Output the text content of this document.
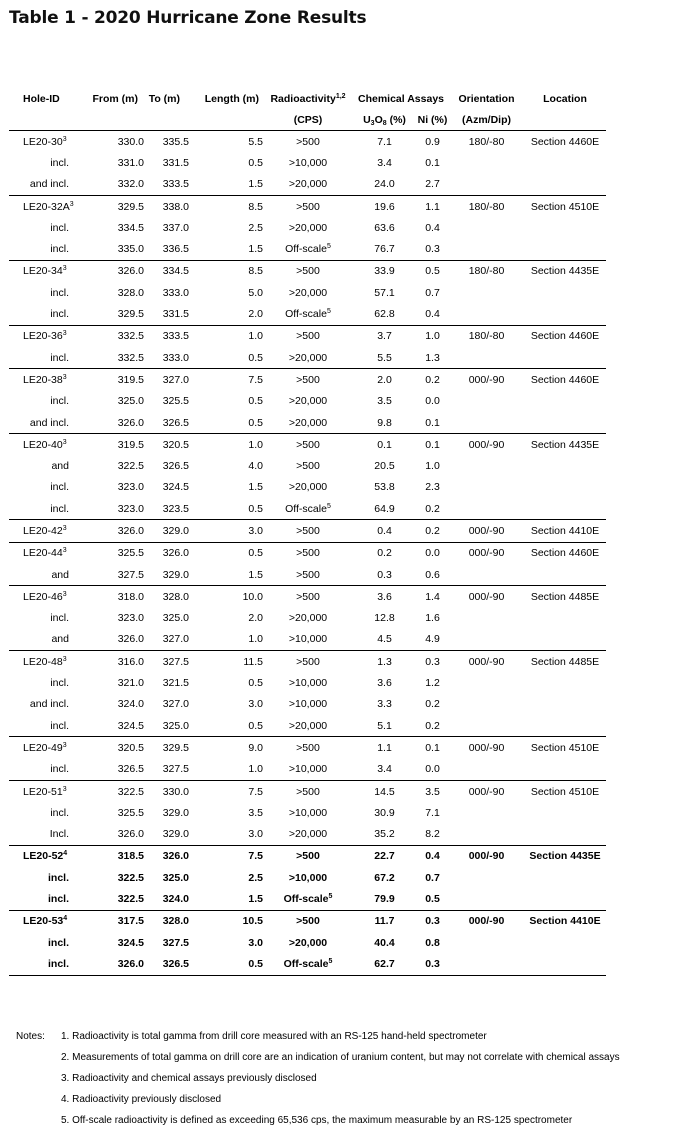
Table 1 - 2020 Hurricane Zone Results
Hole-ID	From (m)	To (m)	Length (m)	Radioactivity$^{1,2}$	Chemical Assays		Orientation	Location
				(CPS)	$U_3O_8$ (%)	Ni (%)	(Azm/Dip)	
$LE20-30^3$	330.0	335.5	5.5	>500	7.1	0.9	180/-80	Section 4460E
incl.	331.0	331.5	0.5	>10,000	3.4	0.1		
and incl.	332.0	333.5	1.5	>20,000	24.0	2.7		
$LE20-32A^3$	329.5	338.0	8.5	>500	19.6	1.1	180/-80	Section 4510E
incl.	334.5	337.0	2.5	>20,000	63.6	0.4		
incl.	335.0	336.5	1.5	Off-scale$^5$	76.7	0.3		
$LE20-34^3$	326.0	334.5	8.5	>500	33.9	0.5	180/-80	Section 4435E
incl.	328.0	333.0	5.0	>20,000	57.1	0.7		
incl.	329.5	331.5	2.0	Off-scale$^5$	62.8	0.4		
$LE20-36^3$	332.5	333.5	1.0	>500	3.7	1.0	180/-80	Section 4460E
incl.	332.5	333.0	0.5	>20,000	5.5	1.3		
$LE20-38^3$	319.5	327.0	7.5	>500	2.0	0.2	000/-90	Section 4460E
incl.	325.0	325.5	0.5	>20,000	3.5	0.0		
and incl.	326.0	326.5	0.5	>20,000	9.8	0.1		
$LE20-40^3$	319.5	320.5	1.0	>500	0.1	0.1	000/-90	Section 4435E
and	322.5	326.5	4.0	>500	20.5	1.0		
incl.	323.0	324.5	1.5	>20,000	53.8	2.3		
incl.	323.0	323.5	0.5	Off-scale$^5$	64.9	0.2		
$LE20-42^3$	326.0	329.0	3.0	>500	0.4	0.2	000/-90	Section 4410E
$LE20-44^3$	325.5	326.0	0.5	>500	0.2	0.0	000/-90	Section 4460E
and	327.5	329.0	1.5	>500	0.3	0.6		
$LE20-46^3$	318.0	328.0	10.0	>500	3.6	1.4	000/-90	Section 4485E
incl.	323.0	325.0	2.0	>20,000	12.8	1.6		
and	326.0	327.0	1.0	>10,000	4.5	4.9		
$LE20-48^3$	316.0	327.5	11.5	>500	1.3	0.3	000/-90	Section 4485E
incl.	321.0	321.5	0.5	>10,000	3.6	1.2		
and incl.	324.0	327.0	3.0	>10,000	3.3	0.2		
incl.	324.5	325.0	0.5	>20,000	5.1	0.2		
$LE20-49^3$	320.5	329.5	9.0	>500	1.1	0.1	000/-90	Section 4510E
incl.	326.5	327.5	1.0	>10,000	3.4	0.0		
$LE20-51^3$	322.5	330.0	7.5	>500	14.5	3.5	000/-90	Section 4510E
incl.	325.5	329.0	3.5	>10,000	30.9	7.1		
Incl.	326.0	329.0	3.0	>20,000	35.2	8.2		
$LE20-52^4$	318.5	326.0	7.5	>500	22.7	0.4	000/-90	Section 4435E
incl.	322.5	325.0	2.5	>10,000	67.2	0.7		
incl.	322.5	324.0	1.5	Off-scale$^5$	79.9	0.5		
$LE20-53^4$	317.5	328.0	10.5	>500	11.7	0.3	000/-90	Section 4410E
incl.	324.5	327.5	3.0	>20,000	40.4	0.8		
incl.	326.0	326.5	0.5	Off-scale$^5$	62.7	0.3		
Notes: 1. Radioactivity is total gamma from drill core measured with an RS-125 hand-held spectrometer
2. Measurements of total gamma on drill core are an indication of uranium content, but may not correlate with chemical assays
3. Radioactivity and chemical assays previously disclosed
4. Radioactivity previously disclosed
5. Off-scale radioactivity is defined as exceeding 65,536 cps, the maximum measurable by an RS-125 spectrometer
